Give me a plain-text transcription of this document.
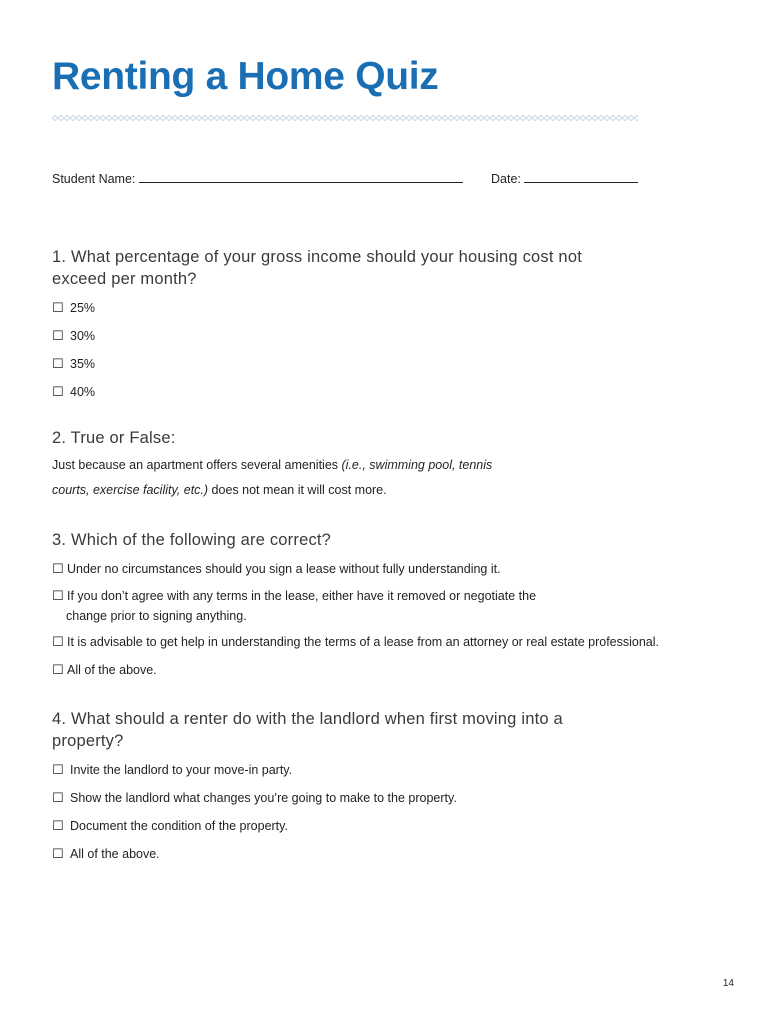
Renting a Home Quiz
Student Name:	Date:
1. What percentage of your gross income should your housing cost not exceed per month?
☐ 25%
☐ 30%
☐ 35%
☐ 40%
2. True or False:
Just because an apartment offers several amenities (i.e., swimming pool, tennis courts, exercise facility, etc.) does not mean it will cost more.
3. Which of the following are correct?
☐ Under no circumstances should you sign a lease without fully understanding it.
☐ If you don’t agree with any terms in the lease, either have it removed or negotiate the
change prior to signing anything.
☐ It is advisable to get help in understanding the terms of a lease from an attorney or real estate professional.
☐ All of the above.
4. What should a renter do with the landlord when first moving into a property?
☐ Invite the landlord to your move-in party.
☐ Show the landlord what changes you’re going to make to the property.
☐ Document the condition of the property.
☐ All of the above.
14
